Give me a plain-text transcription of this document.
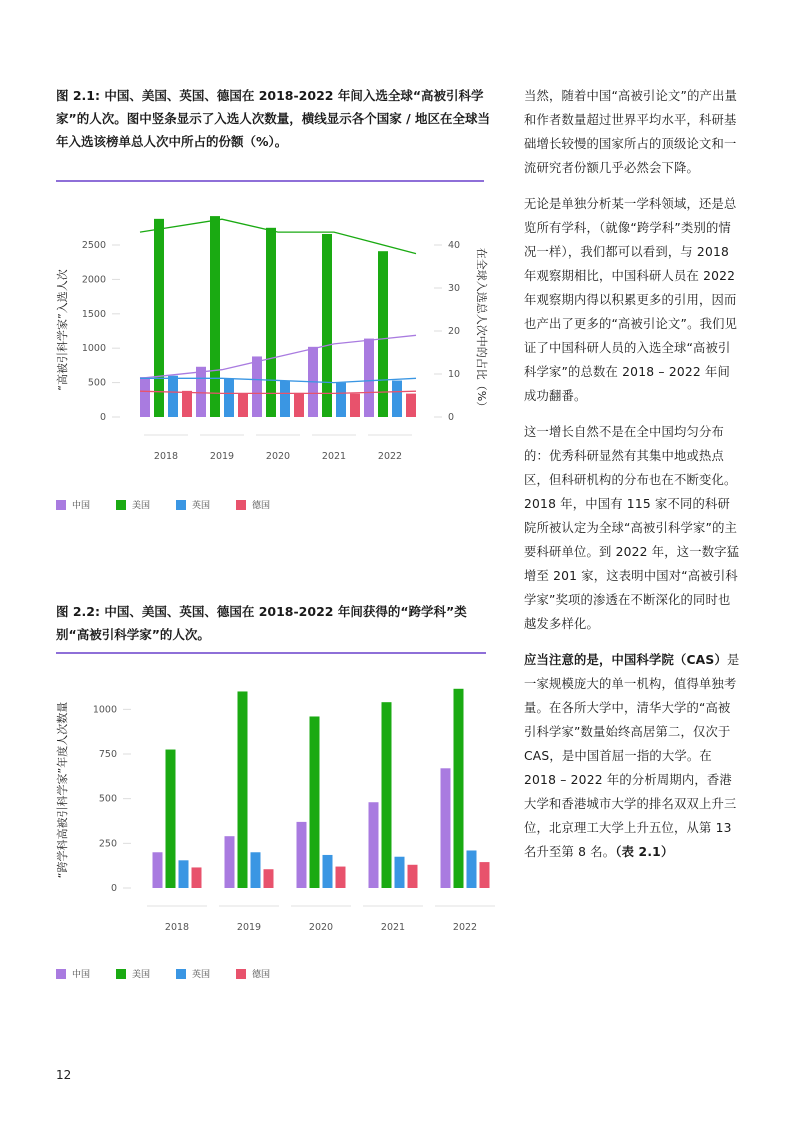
图 2.1: 中国、美国、英国、德国在 2018-2022 年间入选全球“高被引科学家”的人次。图中竖条显示了入选人次数量，横线显示各个国家 / 地区在全球当年入选该榜单总人次中所占的份额（%）。

0
500
1000
1500
2000
2500
“高被引科学家”入选人次
0
10
20
30
40
在全球入选总人次中的占比（%）
2018	2019	2020	2021	2022
中国	美国	英国	德国

图 2.2: 中国、美国、英国、德国在 2018-2022 年间获得的“跨学科”类别“高被引科学家”的人次。

0
250
500
750
1000
“跨学科高被引科学家”年度人次数量
2018	2019	2020	2021	2022
中国	美国	英国	德国

当然，随着中国“高被引论文”的产出量和作者数量超过世界平均水平，科研基础增长较慢的国家所占的顶级论文和一流研究者份额几乎必然会下降。

无论是单独分析某一学科领域，还是总览所有学科，（就像“跨学科”类别的情况一样），我们都可以看到，与 2018 年观察期相比，中国科研人员在 2022 年观察期内得以积累更多的引用，因而也产出了更多的“高被引论文”。我们见证了中国科研人员的入选全球“高被引科学家”的总数在 2018 – 2022 年间成功翻番。

这一增长自然不是在全中国均匀分布的：优秀科研显然有其集中地或热点区，但科研机构的分布也在不断变化。2018 年，中国有 115 家不同的科研院所被认定为全球“高被引科学家”的主要科研单位。到 2022 年，这一数字猛增至 201 家，这表明中国对“高被引科学家”奖项的渗透在不断深化的同时也越发多样化。

应当注意的是，中国科学院（CAS）是一家规模庞大的单一机构，值得单独考量。在各所大学中，清华大学的“高被引科学家”数量始终高居第二，仅次于CAS，是中国首屈一指的大学。在 2018 – 2022 年的分析周期内，香港大学和香港城市大学的排名双双上升三位，北京理工大学上升五位，从第 13 名升至第 8 名。（表 2.1）

12
